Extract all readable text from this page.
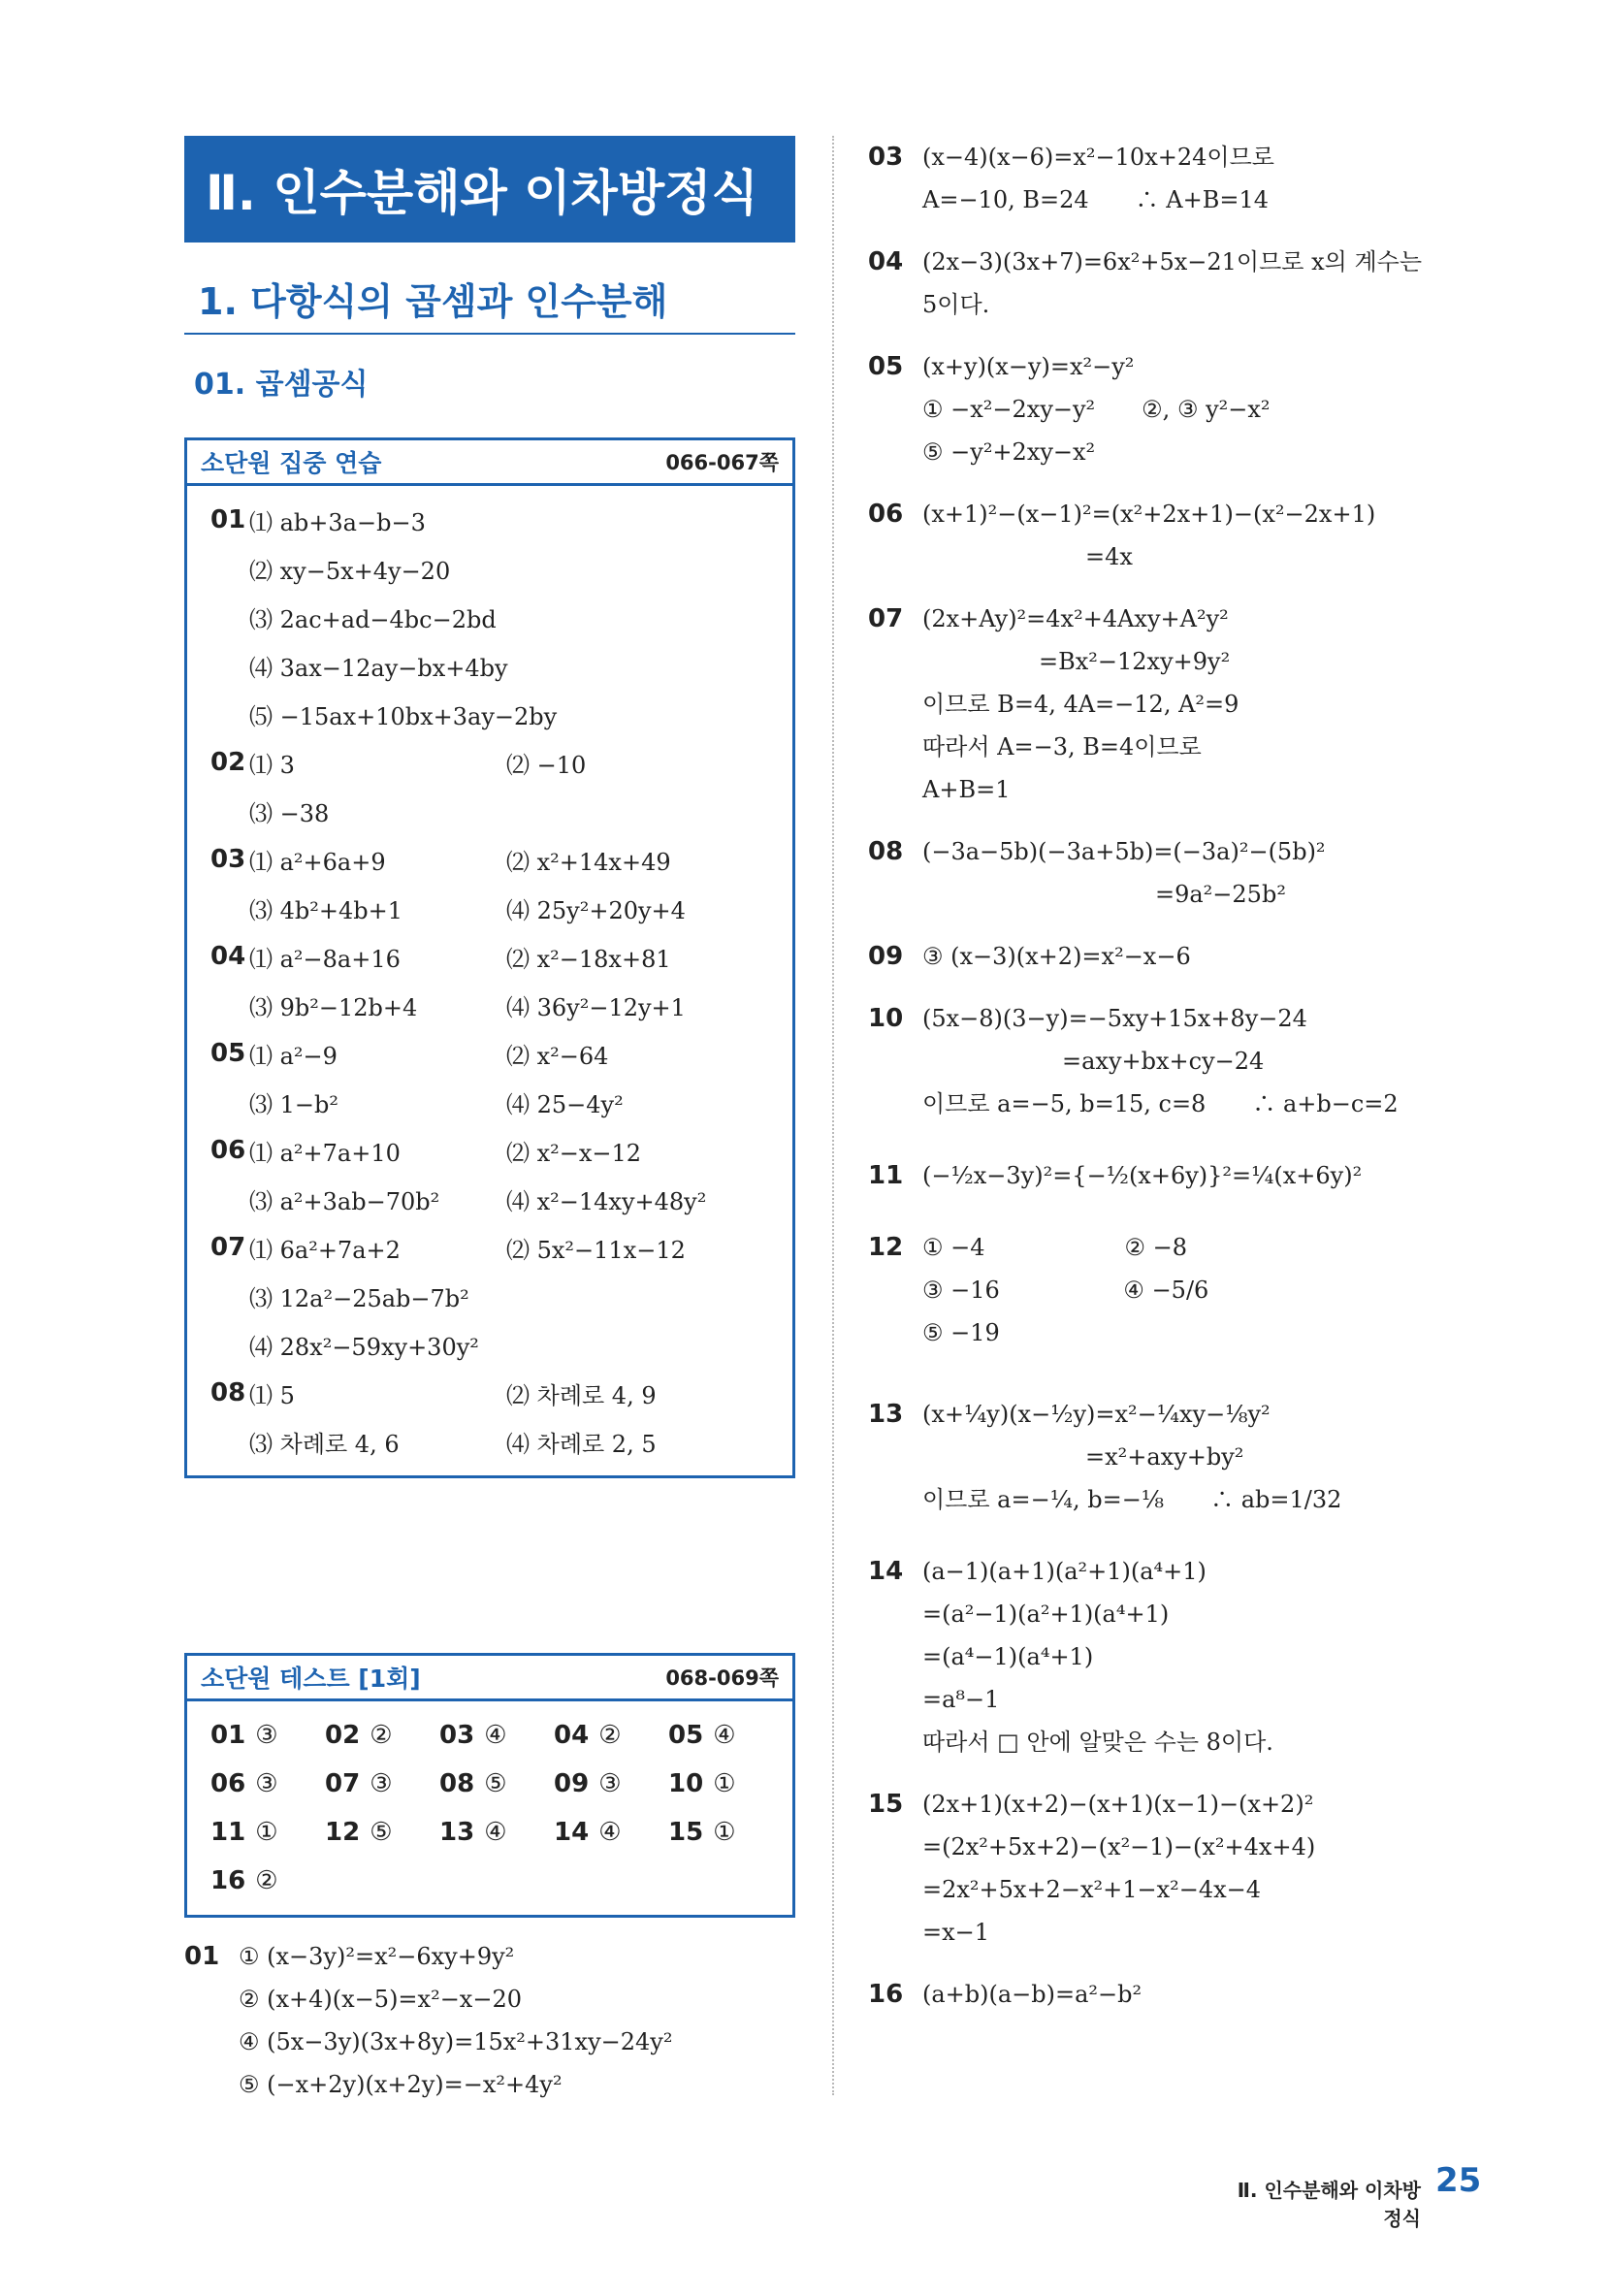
Ⅱ. 인수분해와 이차방정식
1. 다항식의 곱셈과 인수분해
01. 곱셈공식
소단원 집중 연습	066-067쪽
01 ⑴ ab+3a−b−3
⑵ xy−5x+4y−20
⑶ 2ac+ad−4bc−2bd
⑷ 3ax−12ay−bx+4by
⑸ −15ax+10bx+3ay−2by
02 ⑴ 3	⑵ −10
⑶ −38
03 ⑴ a²+6a+9	⑵ x²+14x+49
⑶ 4b²+4b+1	⑷ 25y²+20y+4
04 ⑴ a²−8a+16	⑵ x²−18x+81
⑶ 9b²−12b+4	⑷ 36y²−12y+1
05 ⑴ a²−9	⑵ x²−64
⑶ 1−b²	⑷ 25−4y²
06 ⑴ a²+7a+10	⑵ x²−x−12
⑶ a²+3ab−70b²	⑷ x²−14xy+48y²
07 ⑴ 6a²+7a+2	⑵ 5x²−11x−12
⑶ 12a²−25ab−7b²
⑷ 28x²−59xy+30y²
08 ⑴ 5	⑵ 차례로 4, 9
⑶ 차례로 4, 6	⑷ 차례로 2, 5
소단원 테스트 [1회]	068-069쪽
01 ③ 02 ② 03 ④ 04 ② 05 ④
06 ③ 07 ③ 08 ⑤ 09 ③ 10 ①
11 ① 12 ⑤ 13 ④ 14 ④ 15 ①
16 ②
01 ① (x−3y)²=x²−6xy+9y²
② (x+4)(x−5)=x²−x−20
④ (5x−3y)(3x+8y)=15x²+31xy−24y²
⑤ (−x+2y)(x+2y)=−x²+4y²
03 (x−4)(x−6)=x²−10x+24이므로
A=−10, B=24　　∴ A+B=14
04 (2x−3)(3x+7)=6x²+5x−21이므로 x의 계수는
5이다.
05 (x+y)(x−y)=x²−y²
① −x²−2xy−y²　　②, ③ y²−x²
⑤ −y²+2xy−x²
06 (x+1)²−(x−1)²=(x²+2x+1)−(x²−2x+1)
　　　　　　　=4x
07 (2x+Ay)²=4x²+4Axy+A²y²
　　　　　=Bx²−12xy+9y²
이므로 B=4, 4A=−12, A²=9
따라서 A=−3, B=4이므로
A+B=1
08 (−3a−5b)(−3a+5b)=(−3a)²−(5b)²
　　　　　　　　　　=9a²−25b²
09 ③ (x−3)(x+2)=x²−x−6
10 (5x−8)(3−y)=−5xy+15x+8y−24
　　　　　　=axy+bx+cy−24
이므로 a=−5, b=15, c=8　　∴ a+b−c=2
11 (−½x−3y)²={−½(x+6y)}²=¼(x+6y)²
12 ① −4　　　　　　② −8
③ −16　　　　　 ④ −5/6
⑤ −19
13 (x+¼y)(x−½y)=x²−¼xy−⅛y²
　　　　　　　=x²+axy+by²
이므로 a=−¼, b=−⅛　　∴ ab=1/32
14 (a−1)(a+1)(a²+1)(a⁴+1)
=(a²−1)(a²+1)(a⁴+1)
=(a⁴−1)(a⁴+1)
=a⁸−1
따라서 □ 안에 알맞은 수는 8이다.
15 (2x+1)(x+2)−(x+1)(x−1)−(x+2)²
=(2x²+5x+2)−(x²−1)−(x²+4x+4)
=2x²+5x+2−x²+1−x²−4x−4
=x−1
16 (a+b)(a−b)=a²−b²
Ⅱ. 인수분해와 이차방정식
25
